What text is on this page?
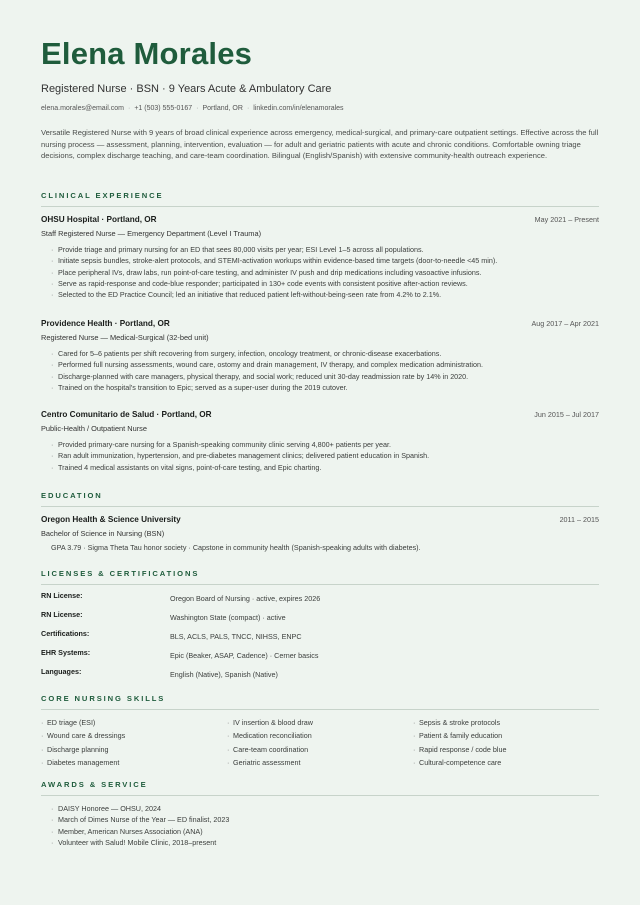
Elena Morales
Registered Nurse · BSN · 9 Years Acute & Ambulatory Care
elena.morales@email.com · +1 (503) 555-0167 · Portland, OR · linkedin.com/in/elenamorales

Versatile Registered Nurse with 9 years of broad clinical experience across emergency, medical-surgical, and primary-care outpatient settings. Effective across the full nursing process — assessment, planning, intervention, evaluation — for adult and geriatric patients with acute and chronic conditions. Comfortable owning triage decisions, complex discharge teaching, and care-team coordination. Bilingual (English/Spanish) with extensive community-health outreach experience.

CLINICAL EXPERIENCE
OHSU Hospital · Portland, OR	May 2021 – Present
Staff Registered Nurse — Emergency Department (Level I Trauma)
· Provide triage and primary nursing for an ED that sees 80,000 visits per year; ESI Level 1–5 across all populations.
· Initiate sepsis bundles, stroke-alert protocols, and STEMI-activation workups within evidence-based time targets (door-to-needle <45 min).
· Place peripheral IVs, draw labs, run point-of-care testing, and administer IV push and drip medications including vasoactive infusions.
· Serve as rapid-response and code-blue responder; participated in 130+ code events with consistent positive after-action reviews.
· Selected to the ED Practice Council; led an initiative that reduced patient left-without-being-seen rate from 4.2% to 2.1%.
Providence Health · Portland, OR	Aug 2017 – Apr 2021
Registered Nurse — Medical-Surgical (32-bed unit)
· Cared for 5–6 patients per shift recovering from surgery, infection, oncology treatment, or chronic-disease exacerbations.
· Performed full nursing assessments, wound care, ostomy and drain management, IV therapy, and complex medication administration.
· Discharge-planned with care managers, physical therapy, and social work; reduced unit 30-day readmission rate by 14% in 2020.
· Trained on the hospital's transition to Epic; served as a super-user during the 2019 cutover.
Centro Comunitario de Salud · Portland, OR	Jun 2015 – Jul 2017
Public-Health / Outpatient Nurse
· Provided primary-care nursing for a Spanish-speaking community clinic serving 4,800+ patients per year.
· Ran adult immunization, hypertension, and pre-diabetes management clinics; delivered patient education in Spanish.
· Trained 4 medical assistants on vital signs, point-of-care testing, and Epic charting.
EDUCATION
Oregon Health & Science University	2011 – 2015
Bachelor of Science in Nursing (BSN)
GPA 3.79 · Sigma Theta Tau honor society · Capstone in community health (Spanish-speaking adults with diabetes).
LICENSES & CERTIFICATIONS
RN License:	Oregon Board of Nursing · active, expires 2026
RN License:	Washington State (compact) · active
Certifications:	BLS, ACLS, PALS, TNCC, NIHSS, ENPC
EHR Systems:	Epic (Beaker, ASAP, Cadence) · Cerner basics
Languages:	English (Native), Spanish (Native)
CORE NURSING SKILLS
· ED triage (ESI)	· IV insertion & blood draw	· Sepsis & stroke protocols
· Wound care & dressings	· Medication reconciliation	· Patient & family education
· Discharge planning	· Care-team coordination	· Rapid response / code blue
· Diabetes management	· Geriatric assessment	· Cultural-competence care
AWARDS & SERVICE
· DAISY Honoree — OHSU, 2024
· March of Dimes Nurse of the Year — ED finalist, 2023
· Member, American Nurses Association (ANA)
· Volunteer with Salud! Mobile Clinic, 2018–present
